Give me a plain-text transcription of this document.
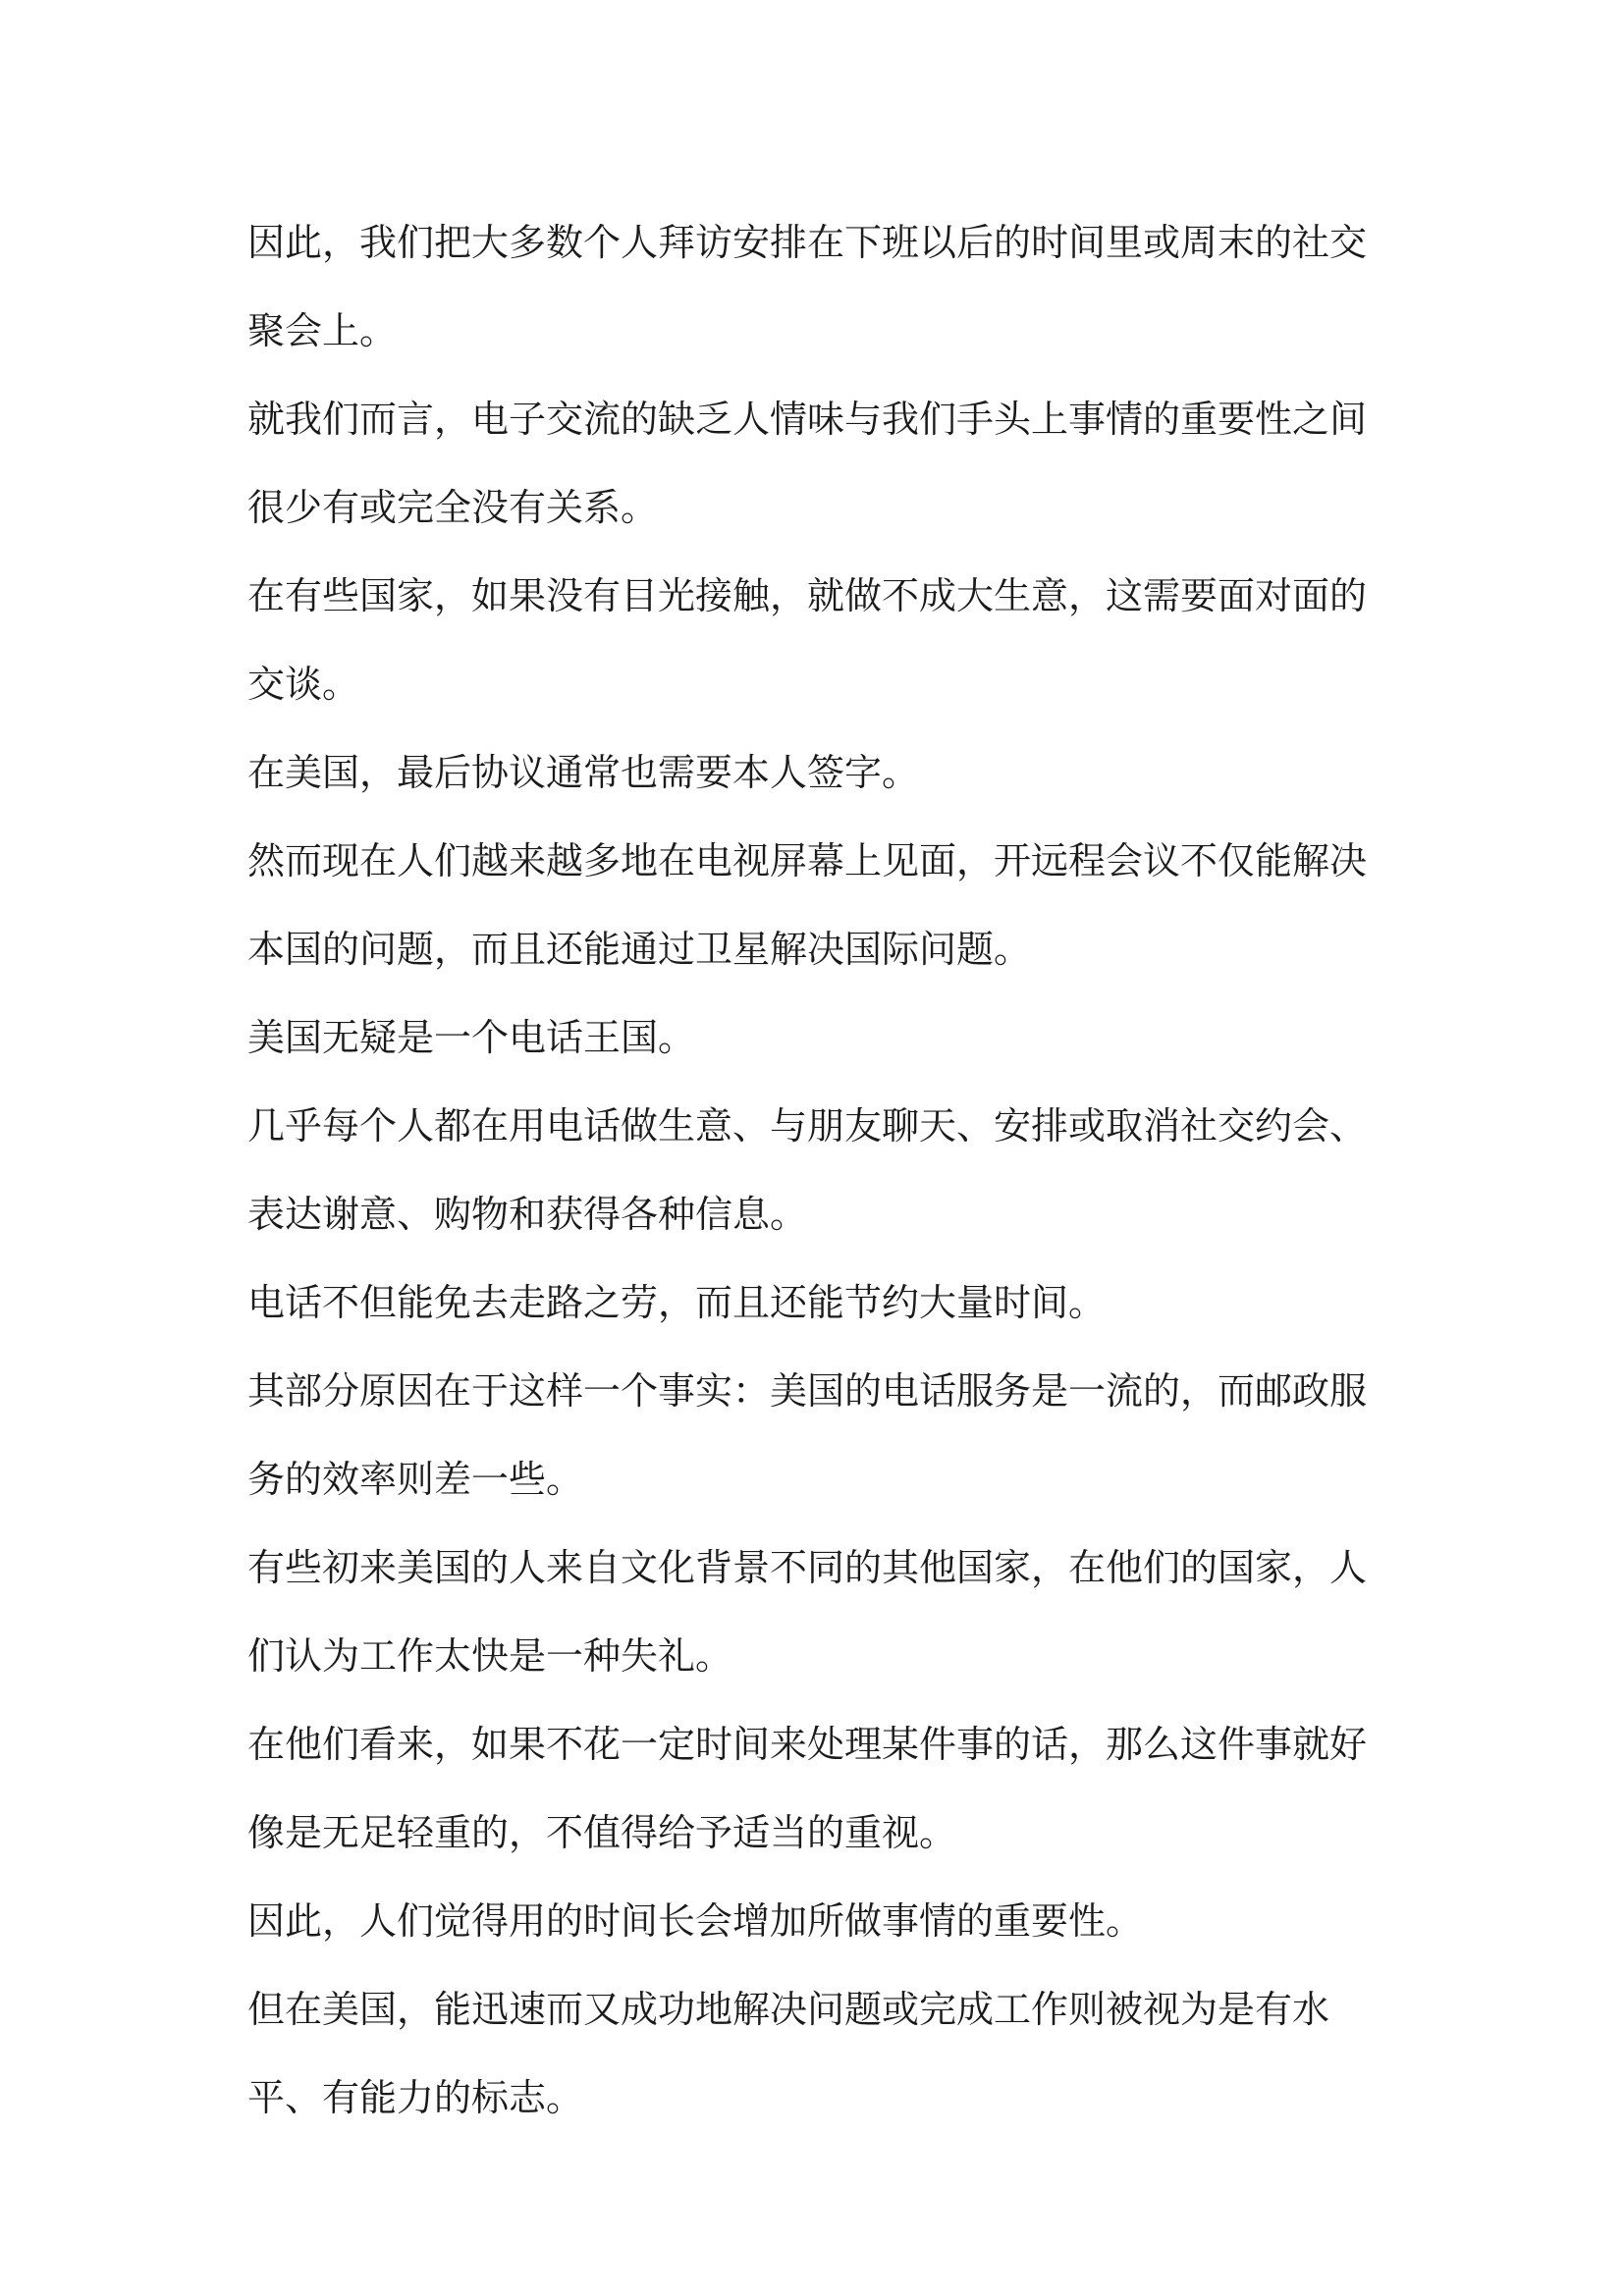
因此，我们把大多数个人拜访安排在下班以后的时间里或周末的社交聚会上。

就我们而言，电子交流的缺乏人情味与我们手头上事情的重要性之间很少有或完全没有关系。

在有些国家，如果没有目光接触，就做不成大生意，这需要面对面的交谈。

在美国，最后协议通常也需要本人签字。

然而现在人们越来越多地在电视屏幕上见面，开远程会议不仅能解决本国的问题，而且还能通过卫星解决国际问题。

美国无疑是一个电话王国。

几乎每个人都在用电话做生意、与朋友聊天、安排或取消社交约会、表达谢意、购物和获得各种信息。

电话不但能免去走路之劳，而且还能节约大量时间。

其部分原因在于这样一个事实：美国的电话服务是一流的，而邮政服务的效率则差一些。

有些初来美国的人来自文化背景不同的其他国家，在他们的国家，人们认为工作太快是一种失礼。

在他们看来，如果不花一定时间来处理某件事的话，那么这件事就好像是无足轻重的，不值得给予适当的重视。

因此，人们觉得用的时间长会增加所做事情的重要性。

但在美国，能迅速而又成功地解决问题或完成工作则被视为是有水平、有能力的标志。
